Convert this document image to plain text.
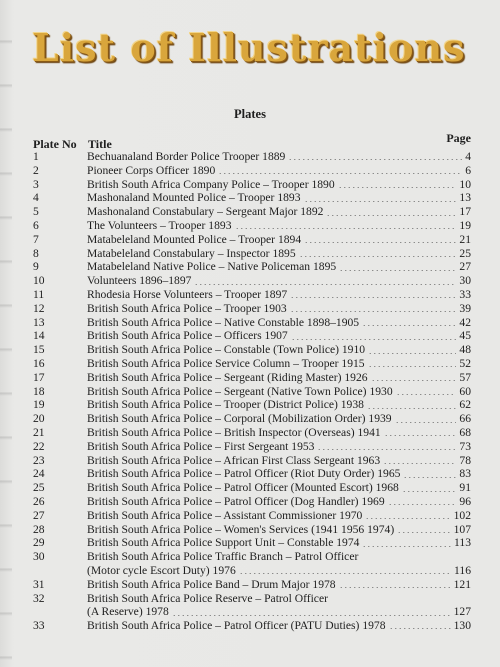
List of Illustrations
Plates
Plate No Title	Page
1	Bechuanaland Border Police Trooper 1889	4
2	Pioneer Corps Officer 1890	6
3	British South Africa Company Police – Trooper 1890	10
4	Mashonaland Mounted Police – Trooper 1893	13
5	Mashonaland Constabulary – Sergeant Major 1892	17
6	The Volunteers – Trooper 1893	19
7	Matabeleland Mounted Police – Trooper 1894	21
8	Matabeleland Constabulary – Inspector 1895	25
9	Matabeleland Native Police – Native Policeman 1895	27
10	Volunteers 1896–1897	30
11	Rhodesia Horse Volunteers – Trooper 1897	33
12	British South Africa Police – Trooper 1903	39
13	British South Africa Police – Native Constable 1898–1905	42
14	British South Africa Police – Officers 1907	45
15	British South Africa Police – Constable (Town Police) 1910	48
16	British South Africa Police Service Column – Trooper 1915	52
17	British South Africa Police – Sergeant (Riding Master) 1926	57
18	British South Africa Police – Sergeant (Native Town Police) 1930	60
19	British South Africa Police – Trooper (District Police) 1938	62
20	British South Africa Police – Corporal (Mobilization Order) 1939	66
21	British South Africa Police – British Inspector (Overseas) 1941	68
22	British South Africa Police – First Sergeant 1953	73
23	British South Africa Police – African First Class Sergeant 1963	78
24	British South Africa Police – Patrol Officer (Riot Duty Order) 1965	83
25	British South Africa Police – Patrol Officer (Mounted Escort) 1968	91
26	British South Africa Police – Patrol Officer (Dog Handler) 1969	96
27	British South Africa Police – Assistant Commissioner 1970	102
28	British South Africa Police – Women's Services (1941 1956 1974)	107
29	British South Africa Police Support Unit – Constable 1974	113
30	British South Africa Police Traffic Branch – Patrol Officer
(Motor cycle Escort Duty) 1976	116
31	British South Africa Police Band – Drum Major 1978	121
32	British South Africa Police Reserve – Patrol Officer
(A Reserve) 1978	127
33	British South Africa Police – Patrol Officer (PATU Duties) 1978	130
